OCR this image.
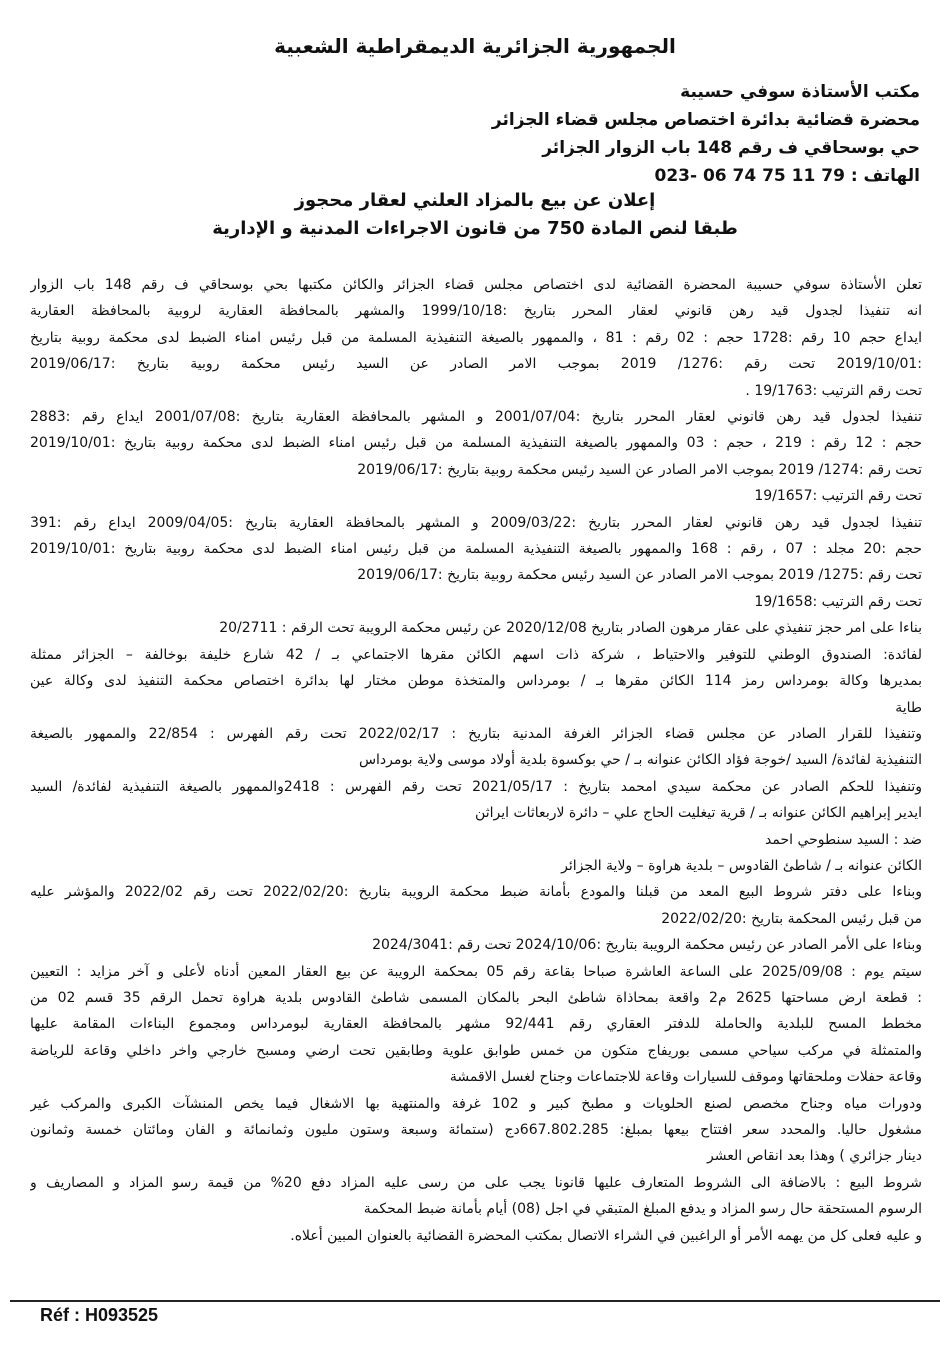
الجمهورية الجزائرية الديمقراطية الشعبية
مكتب الأستاذة سوفي حسيبة
محضرة قضائية بدائرة اختصاص مجلس قضاء الجزائر
حي بوسحاقي ف رقم 148 باب الزوار الجزائر
الهاتف : 023- 06 74 75 11 79
إعلان عن بيع بالمزاد العلني لعقار محجوز
طبقا لنص المادة 750 من قانون الاجراءات المدنية و الإدارية
تعلن الأستاذة سوفي حسيبة المحضرة القضائية لدى اختصاص مجلس قضاء الجزائر والكائن مكتبها بحي بوسحاقي ف رقم 148 باب الزوار
انه تنفيذا لجدول قيد رهن قانوني لعقار المحرر بتاريخ :1999/10/18 والمشهر بالمحافظة العقارية لروبية بالمحافظة العقارية
ايداع حجم 10 رقم :1728 حجم : 02 رقم : 81 ، والممهور بالصيغة التنفيذية المسلمة من قبل رئيس امناء الضبط لدى محكمة روبية بتاريخ
:2019/10/01 تحت رقم :1276/ 2019 بموجب الامر الصادر عن السيد رئيس محكمة روبية بتاريخ :2019/06/17
تحت رقم الترتيب :19/1763 .
تنفيذا لجدول قيد رهن قانوني لعقار المحرر بتاريخ :2001/07/04 و المشهر بالمحافظة العقارية بتاريخ :2001/07/08 ايداع رقم :2883
حجم : 12 رقم : 219 ، حجم : 03 والممهور بالصيغة التنفيذية المسلمة من قبل رئيس امناء الضبط لدى محكمة روبية بتاريخ :2019/10/01
تحت رقم :1274/ 2019 بموجب الامر الصادر عن السيد رئيس محكمة روبية بتاريخ :2019/06/17
تحت رقم الترتيب :19/1657
تنفيذا لجدول قيد رهن قانوني لعقار المحرر بتاريخ :2009/03/22 و المشهر بالمحافظة العقارية بتاريخ :2009/04/05 ايداع رقم :391
حجم :20 مجلد : 07 ، رقم : 168 والممهور بالصيغة التنفيذية المسلمة من قبل رئيس امناء الضبط لدى محكمة روبية بتاريخ :2019/10/01
تحت رقم :1275/ 2019 بموجب الامر الصادر عن السيد رئيس محكمة روبية بتاريخ :2019/06/17
تحت رقم الترتيب :19/1658
بناءا على امر حجز تنفيذي على عقار مرهون الصادر بتاريخ 2020/12/08 عن رئيس محكمة الرويبة تحت الرقم : 20/2711
لفائدة: الصندوق الوطني للتوفير والاحتياط ، شركة ذات اسهم الكائن مقرها الاجتماعي بـ / 42 شارع خليفة بوخالفة – الجزائر ممثلة
بمديرها وكالة بومرداس رمز 114 الكائن مقرها بـ / بومرداس والمتخذة موطن مختار لها بدائرة اختصاص محكمة التنفيذ لدى وكالة عين
طاية
وتنفيذا للقرار الصادر عن مجلس قضاء الجزائر الغرفة المدنية بتاريخ : 2022/02/17 تحت رقم الفهرس : 22/854 والممهور بالصيغة
التنفيذية لفائدة/ السيد /خوجة فؤاد الكائن عنوانه بـ / حي بوكسوة بلدية أولاد موسى ولاية بومرداس
وتنفيذا للحكم الصادر عن محكمة سيدي امحمد بتاريخ : 2021/05/17 تحت رقم الفهرس : 2418والممهور بالصيغة التنفيذية لفائدة/ السيد
ايدير إبراهيم الكائن عنوانه بـ / قرية تيغليت الحاج علي – دائرة لاربعاثات ايراثن
ضد : السيد سنطوحي احمد
الكائن عنوانه بـ / شاطئ القادوس – بلدية هراوة – ولاية الجزائر
وبناءا على دفتر شروط البيع المعد من قبلنا والمودع بأمانة ضبط محكمة الرويبة بتاريخ :2022/02/20 تحت رقم 2022/02 والمؤشر عليه
من قبل رئيس المحكمة بتاريخ :2022/02/20
وبناءا على الأمر الصادر عن رئيس محكمة الرويبة بتاريخ :2024/10/06 تحت رقم :2024/3041
سيتم يوم : 2025/09/08 على الساعة العاشرة صباحا بقاعة رقم 05 بمحكمة الرويبة عن بيع العقار المعين أدناه لأعلى و آخر مزايد : التعيين
: قطعة ارض مساحتها 2625 م2 واقعة بمحاذاة شاطئ البحر بالمكان المسمى شاطئ القادوس بلدية هراوة تحمل الرقم 35 قسم 02 من
مخطط المسح للبلدية والحاملة للدفتر العقاري رقم 92/441 مشهر بالمحافظة العقارية لبومرداس ومجموع البناءات المقامة عليها
والمتمثلة في مركب سياحي مسمى بوريفاج متكون من خمس طوابق علوية وطابقين تحت ارضي ومسبح خارجي واخر داخلي وقاعة للرياضة
وقاعة حفلات وملحقاتها وموقف للسيارات وقاعة للاجتماعات وجناح لغسل الاقمشة
ودورات مياه وجناح مخصص لصنع الحلويات و مطبخ كبير و 102 غرفة والمنتهية بها الاشغال فيما يخص المنشآت الكبرى والمركب غير
مشغول حاليا. والمحدد سعر افتتاح بيعها بمبلغ: 667.802.285دج (ستمائة وسبعة وستون مليون وثمانمائة و الفان ومائتان خمسة وثمانون
دينار جزائري ) وهذا بعد انقاص العشر
شروط البيع : بالاضافة الى الشروط المتعارف عليها قانونا يجب على من رسى عليه المزاد دفع 20% من قيمة رسو المزاد و المصاريف و
الرسوم المستحقة حال رسو المزاد و يدفع المبلغ المتبقي في اجل (08) أيام بأمانة ضبط المحكمة
و عليه فعلى كل من يهمه الأمر أو الراغبين في الشراء الاتصال بمكتب المحضرة القضائية بالعنوان المبين أعلاه.
Réf : H093525
